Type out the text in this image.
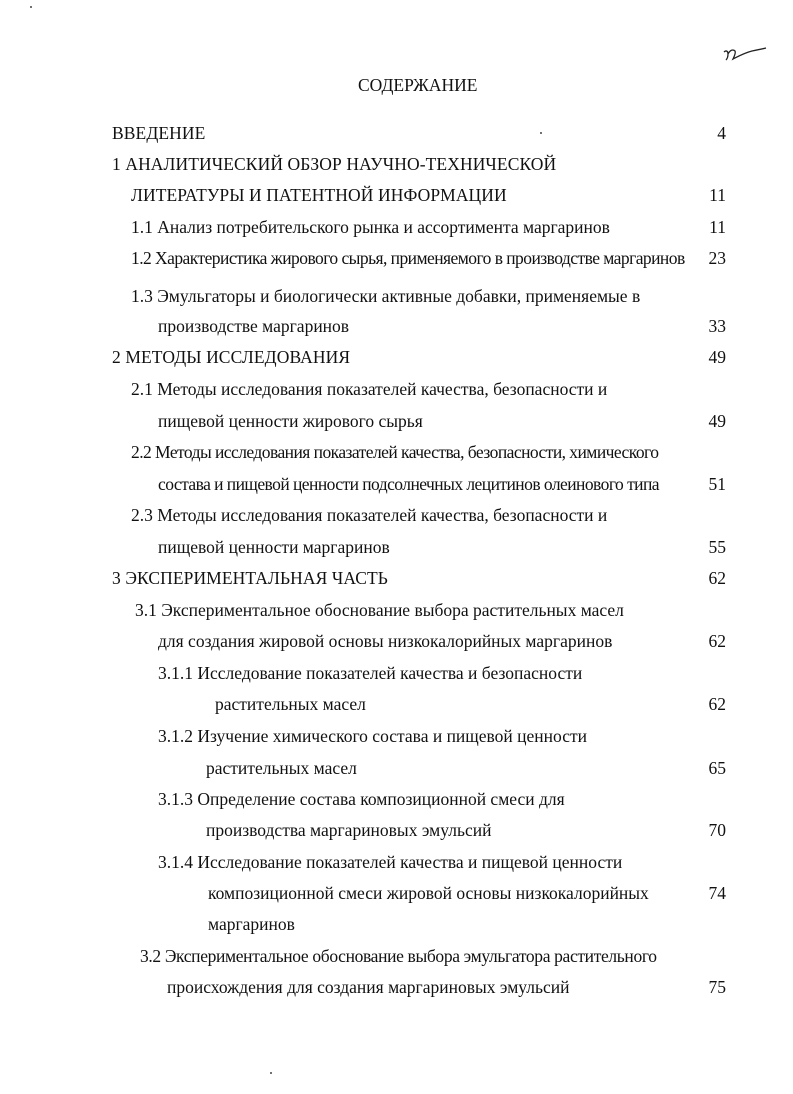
СОДЕРЖАНИЕ
ВВЕДЕНИЕ	4
1 АНАЛИТИЧЕСКИЙ ОБЗОР НАУЧНО-ТЕХНИЧЕСКОЙ
ЛИТЕРАТУРЫ И ПАТЕНТНОЙ ИНФОРМАЦИИ	11
1.1 Анализ потребительского рынка и ассортимента маргаринов	11
1.2 Характеристика жирового сырья, применяемого в производстве маргаринов 23
1.3 Эмульгаторы и биологически активные добавки, применяемые в
производстве маргаринов	33
2 МЕТОДЫ ИССЛЕДОВАНИЯ	49
2.1 Методы исследования показателей качества, безопасности и
пищевой ценности жирового сырья	49
2.2 Методы исследования показателей качества, безопасности, химического
состава и пищевой ценности подсолнечных лецитинов олеинового типа	51
2.3 Методы исследования показателей качества, безопасности и
пищевой ценности маргаринов	55
3 ЭКСПЕРИМЕНТАЛЬНАЯ ЧАСТЬ	62
3.1 Экспериментальное обоснование выбора растительных масел
для создания жировой основы низкокалорийных маргаринов	62
3.1.1 Исследование показателей качества и безопасности
растительных масел	62
3.1.2 Изучение химического состава и пищевой ценности
растительных масел	65
3.1.3 Определение состава композиционной смеси для
производства маргариновых эмульсий	70
3.1.4 Исследование показателей качества и пищевой ценности
композиционной смеси жировой основы низкокалорийных	74
маргаринов
3.2 Экспериментальное обоснование выбора эмульгатора растительного
происхождения для создания маргариновых эмульсий	75
